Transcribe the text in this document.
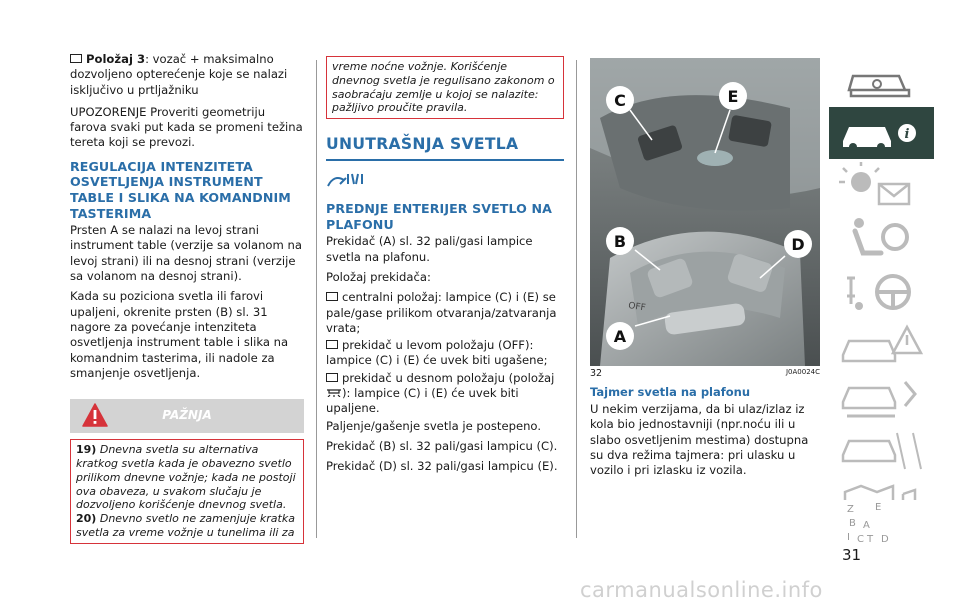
Položaj 3: vozač + maksimalno dozvoljeno opterećenje koje se nalazi isključivo u prtljažniku

UPOZORENJE Proveriti geometriju farova svaki put kada se promeni težina tereta koji se prevozi.

REGULACIJA INTENZITETA OSVETLJENJA INSTRUMENT TABLE I SLIKA NA KOMANDNIM TASTERIMA

Prsten A se nalazi na levoj strani instrument table (verzije sa volanom na levoj strani) ili na desnoj strani (verzije sa volanom na desnoj strani).

Kada su poziciona svetla ili farovi upaljeni, okrenite prsten (B) sl. 31 nagore za povećanje intenziteta osvetljenja instrument table i slika na komandnim tasterima, ili nadole za smanjenje osvetljenja.

PAŽNJA

19) Dnevna svetla su alternativa kratkog svetla kada je obavezno svetlo prilikom dnevne vožnje; kada ne postoji ova obaveza, u svakom slučaju je dozvoljeno korišćenje dnevnog svetla.

20) Dnevno svetlo ne zamenjuje kratka svetla za vreme vožnje u tunelima ili za

vreme noćne vožnje. Korišćenje dnevnog svetla je regulisano zakonom o saobraćaju zemlje u kojoj se nalazite: pažljivo proučite pravila.

UNUTRAŠNJA SVETLA
PREDNJE ENTERIJER SVETLO NA PLAFONU

Prekidač (A) sl. 32 pali/gasi lampice svetla na plafonu.

Položaj prekidača:

centralni položaj: lampice (C) i (E) se pale/gase prilikom otvaranja/zatvaranja vrata;

prekidač u levom položaju (OFF): lampice (C) i (E) će uvek biti ugašene;

prekidač u desnom položaju (položaj
): lampice (C) i (E) će uvek biti upaljene.

Paljenje/gašenje svetla je postepeno.

Prekidač (B) sl. 32 pali/gasi lampicu (C).

Prekidač (D) sl. 32 pali/gasi lampicu (E).

OFF
C	E
B	D
A
32	J0A0024C
Tajmer svetla na plafonu

U nekim verzijama, da bi ulaz/izlaz iz kola bio jednostavniji (npr.noću ili u slabo osvetljenim mestima) dostupna su dva režima tajmera: pri ulasku u vozilo i pri izlasku iz vozila.

i
Z E
B A
I C T D
31
carmanualsonline.info
